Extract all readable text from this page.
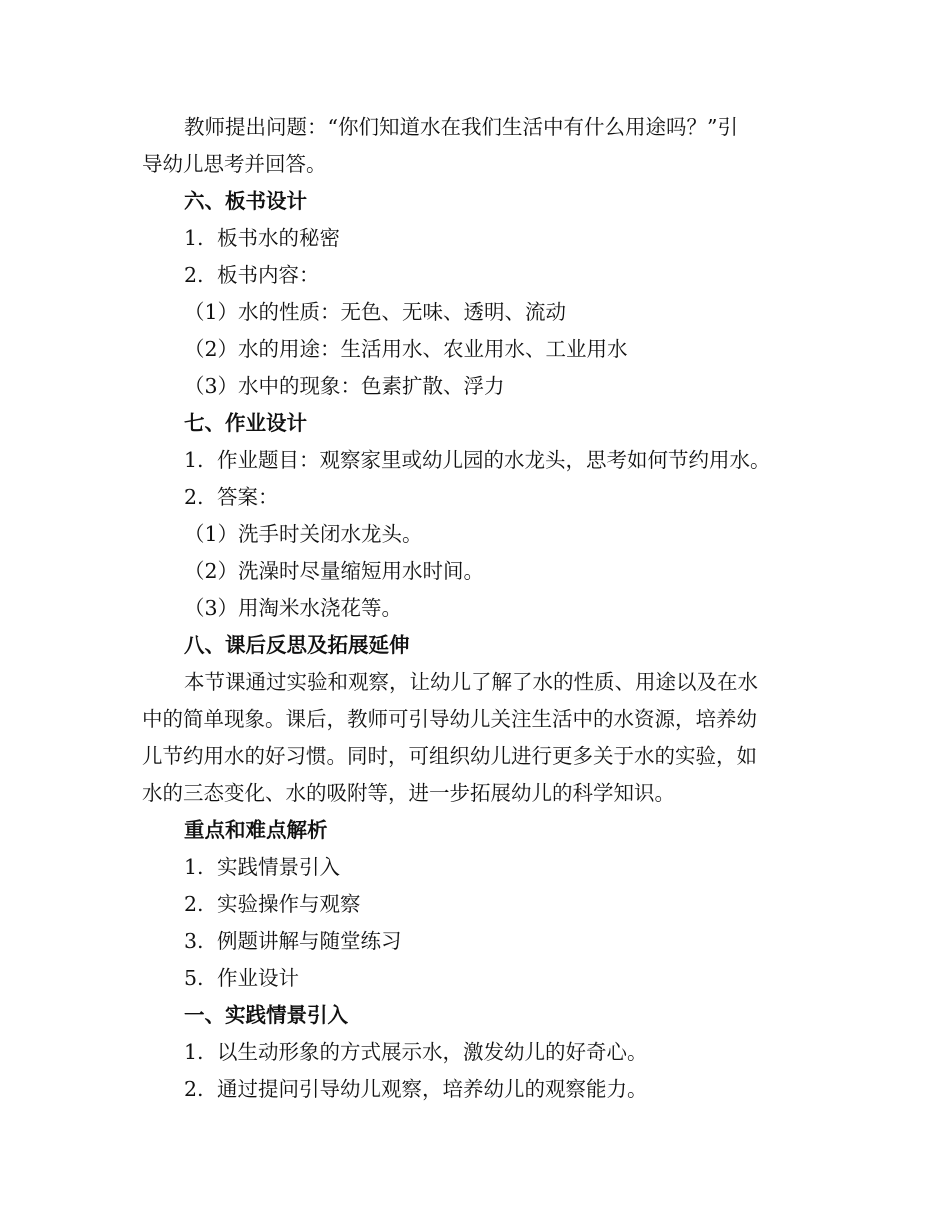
教师提出问题：“你们知道水在我们生活中有什么用途吗？”引
导幼儿思考并回答。
六、板书设计
1. 板书水的秘密
2. 板书内容：
（1）水的性质：无色、无味、透明、流动
（2）水的用途：生活用水、农业用水、工业用水
（3）水中的现象：色素扩散、浮力
七、作业设计
1. 作业题目：观察家里或幼儿园的水龙头，思考如何节约用水。
2. 答案：
（1）洗手时关闭水龙头。
（2）洗澡时尽量缩短用水时间。
（3）用淘米水浇花等。
八、课后反思及拓展延伸
本节课通过实验和观察，让幼儿了解了水的性质、用途以及在水
中的简单现象。课后，教师可引导幼儿关注生活中的水资源，培养幼
儿节约用水的好习惯。同时，可组织幼儿进行更多关于水的实验，如
水的三态变化、水的吸附等，进一步拓展幼儿的科学知识。
重点和难点解析
1. 实践情景引入
2. 实验操作与观察
3. 例题讲解与随堂练习
5. 作业设计
一、实践情景引入
1. 以生动形象的方式展示水，激发幼儿的好奇心。
2. 通过提问引导幼儿观察，培养幼儿的观察能力。
